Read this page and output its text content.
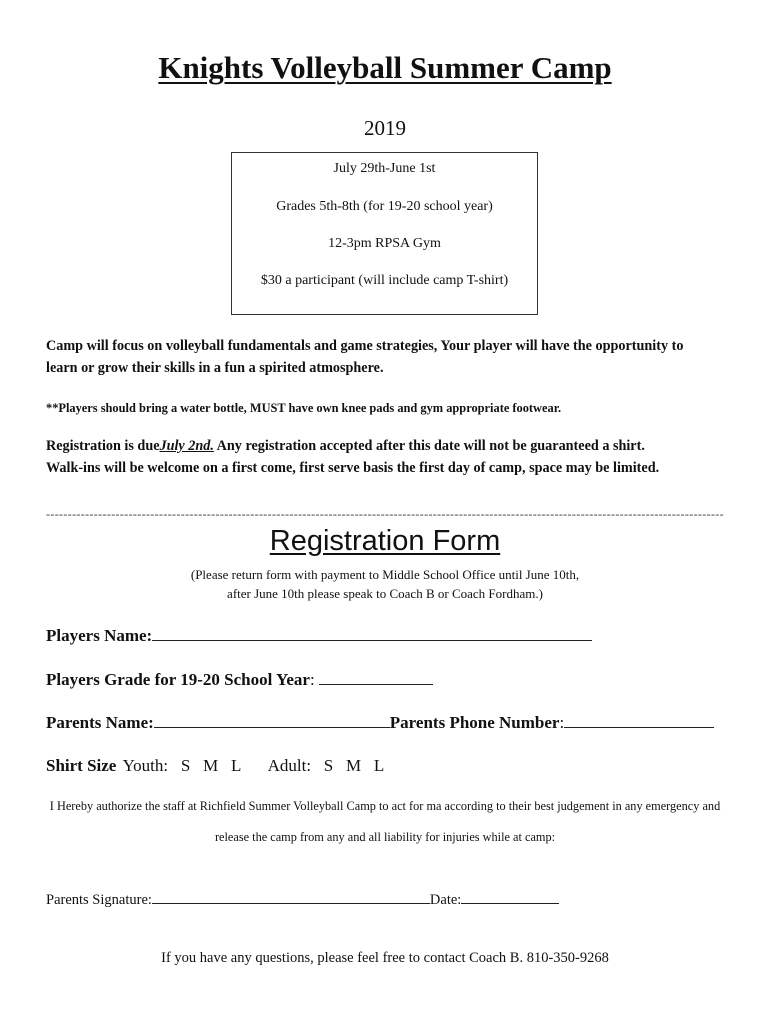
Knights Volleyball Summer Camp
2019
July 29th-June 1st
Grades 5th-8th (for 19-20 school year)
12-3pm RPSA Gym
$30 a participant (will include camp T-shirt)
Camp will focus on volleyball fundamentals and game strategies, Your player will have the opportunity to
learn or grow their skills in a fun a spirited atmosphere.
**Players should bring a water bottle, MUST have own knee pads and gym appropriate footwear.
Registration is dueJuly 2nd. Any registration accepted after this date will not be guaranteed a shirt.
Walk-ins will be welcome on a first come, first serve basis the first day of camp, space may be limited.
------------------------------------------------------------------------------------------------------------------------------------------------------------
Registration Form
(Please return form with payment to Middle School Office until June 10th,
after June 10th please speak to Coach B or Coach Fordham.)
Players Name:
Players Grade for 19-20 School Year:
Parents Name:	Parents Phone Number:
Shirt Size Youth:   S   M   L Adult:   S   M   L
I Hereby authorize the staff at Richfield Summer Volleyball Camp to act for ma according to their best judgement in any emergency and
release the camp from any and all liability for injuries while at camp:
Parents Signature:	Date:
If you have any questions, please feel free to contact Coach B. 810-350-9268
